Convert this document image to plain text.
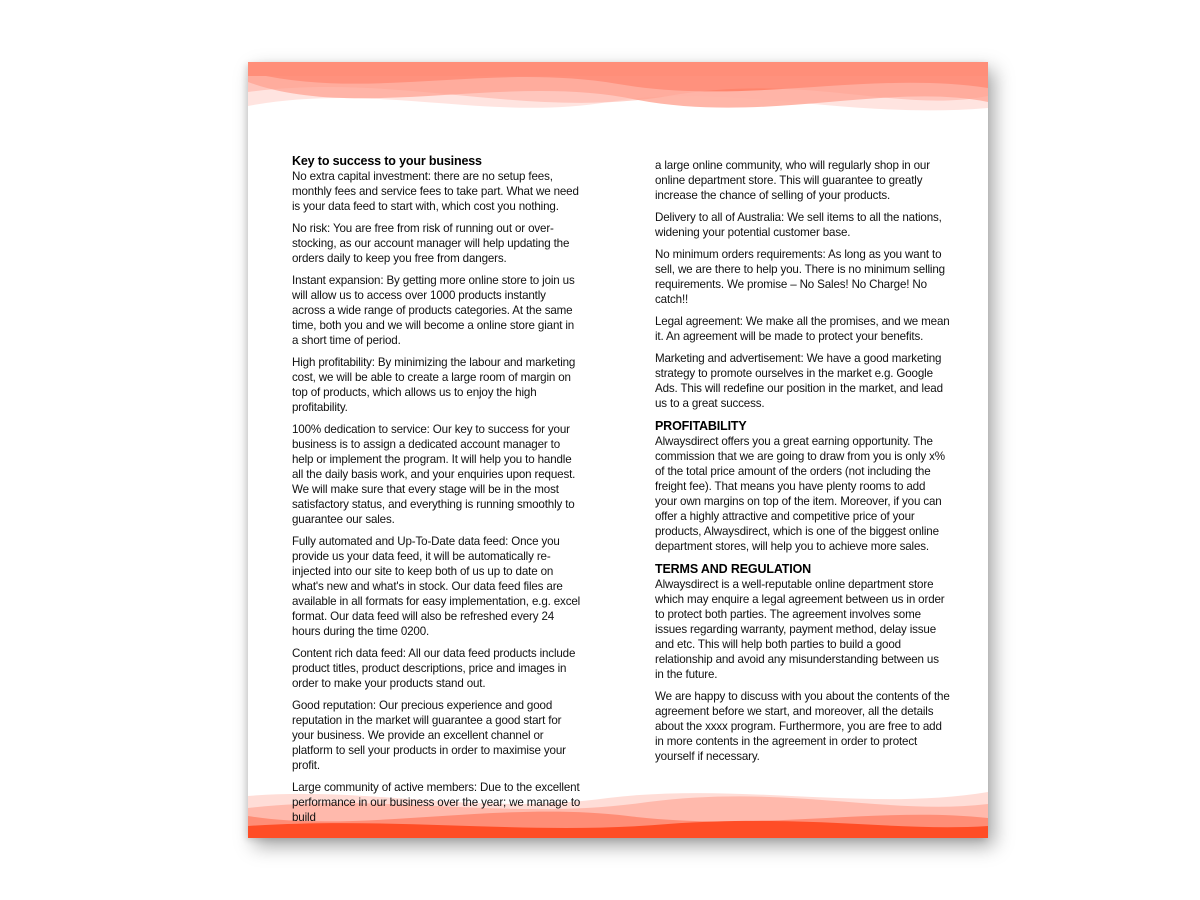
Key to success to your business

No extra capital investment: there are no setup fees, monthly fees and service fees to take part. What we need is your data feed to start with, which cost you nothing.

No risk: You are free from risk of running out or over-stocking, as our account manager will help updating the orders daily to keep you free from dangers.

Instant expansion: By getting more online store to join us will allow us to access over 1000 products instantly across a wide range of products categories. At the same time, both you and we will become a online store giant in a short time of period.

High profitability: By minimizing the labour and marketing cost, we will be able to create a large room of margin on top of products, which allows us to enjoy the high profitability.

100% dedication to service: Our key to success for your business is to assign a dedicated account manager to help or implement the program. It will help you to handle all the daily basis work, and your enquiries upon request. We will make sure that every stage will be in the most satisfactory status, and everything is running smoothly to guarantee our sales.

Fully automated and Up-To-Date data feed: Once you provide us your data feed, it will be automatically re-injected into our site to keep both of us up to date on what's new and what's in stock. Our data feed files are available in all formats for easy implementation, e.g. excel format. Our data feed will also be refreshed every 24 hours during the time 0200.

Content rich data feed: All our data feed products include product titles, product descriptions, price and images in order to make your products stand out.

Good reputation: Our precious experience and good reputation in the market will guarantee a good start for your business. We provide an excellent channel or platform to sell your products in order to maximise your profit.

Large community of active members: Due to the excellent performance in our business over the year; we manage to build

a large online community, who will regularly shop in our online department store. This will guarantee to greatly increase the chance of selling of your products.

Delivery to all of Australia: We sell items to all the nations, widening your potential customer base.

No minimum orders requirements: As long as you want to sell, we are there to help you. There is no minimum selling requirements. We promise – No Sales! No Charge! No catch!!

Legal agreement: We make all the promises, and we mean it. An agreement will be made to protect your benefits.

Marketing and advertisement: We have a good marketing strategy to promote ourselves in the market e.g. Google Ads. This will redefine our position in the market, and lead us to a great success.

PROFITABILITY

Alwaysdirect offers you a great earning opportunity. The commission that we are going to draw from you is only x% of the total price amount of the orders (not including the freight fee). That means you have plenty rooms to add your own margins on top of the item. Moreover, if you can offer a highly attractive and competitive price of your products, Alwaysdirect, which is one of the biggest online department stores, will help you to achieve more sales.

TERMS AND REGULATION

Alwaysdirect is a well-reputable online department store which may enquire a legal agreement between us in order to protect both parties. The agreement involves some issues regarding warranty, payment method, delay issue and etc. This will help both parties to build a good relationship and avoid any misunderstanding between us in the future.

We are happy to discuss with you about the contents of the agreement before we start, and moreover, all the details about the xxxx program. Furthermore, you are free to add in more contents in the agreement in order to protect yourself if necessary.
